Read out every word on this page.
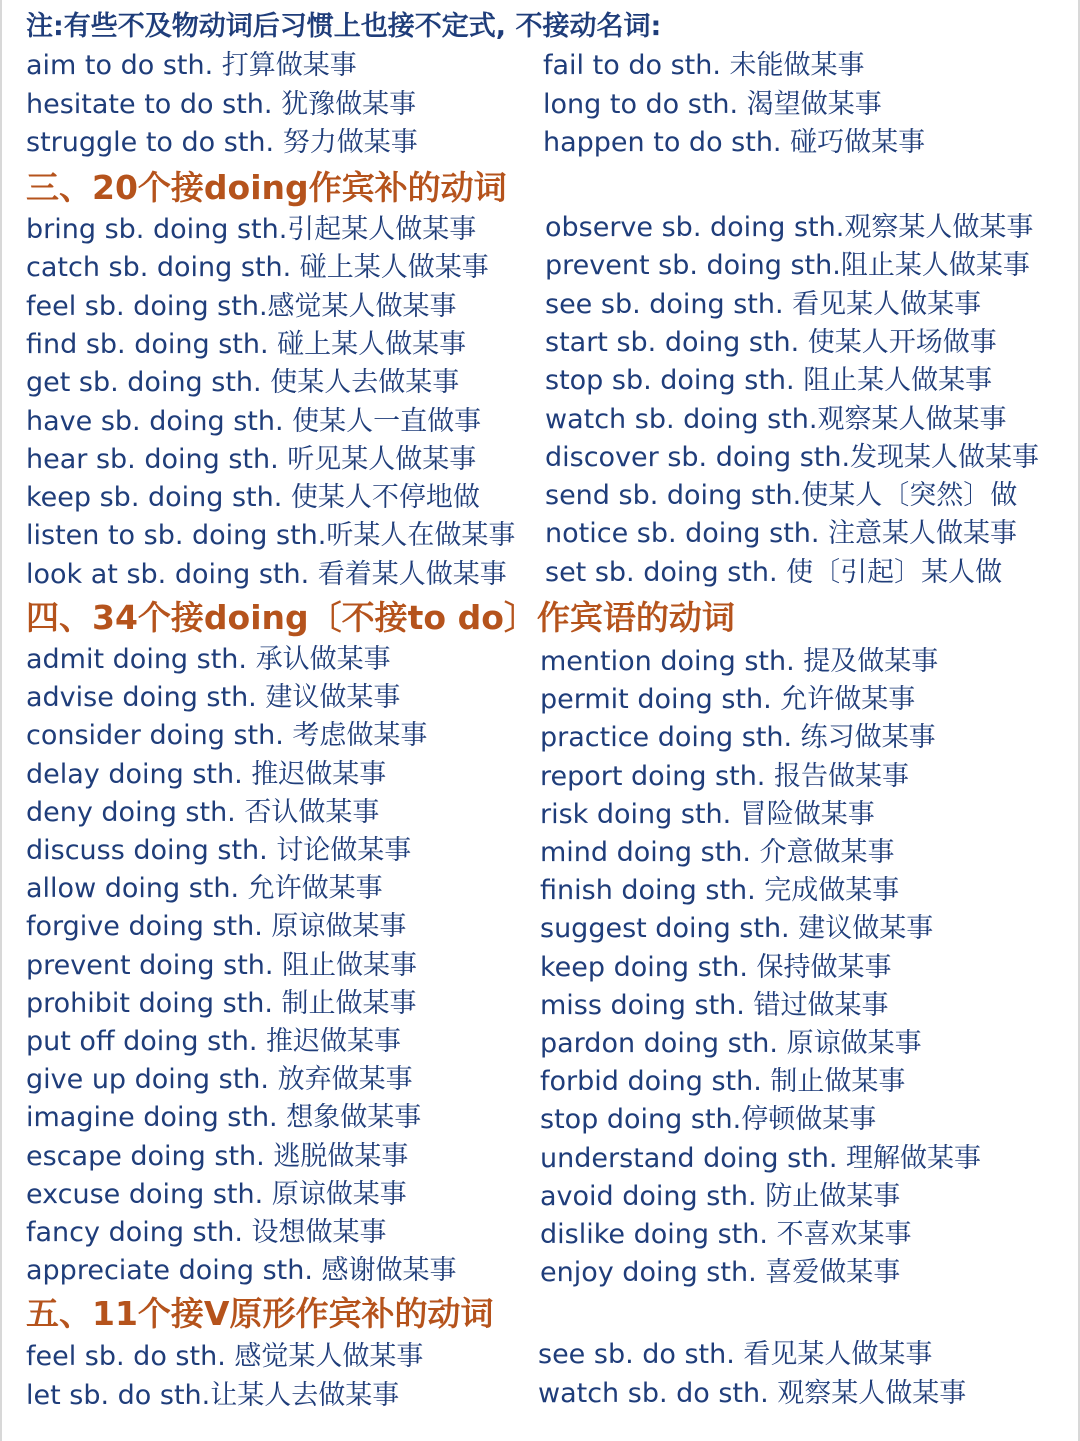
注:有些不及物动词后习惯上也接不定式, 不接动名词:
aim to do sth. 打算做某事
hesitate to do sth. 犹豫做某事
struggle to do sth. 努力做某事
fail to do sth. 未能做某事
long to do sth. 渴望做某事
happen to do sth. 碰巧做某事
三、20个接doing作宾补的动词
bring sb. doing sth.引起某人做某事
catch sb. doing sth. 碰上某人做某事
feel sb. doing sth.感觉某人做某事
find sb. doing sth. 碰上某人做某事
get sb. doing sth. 使某人去做某事
have sb. doing sth. 使某人一直做事
hear sb. doing sth. 听见某人做某事
keep sb. doing sth. 使某人不停地做
listen to sb. doing sth.听某人在做某事
look at sb. doing sth. 看着某人做某事
observe sb. doing sth.观察某人做某事
prevent sb. doing sth.阻止某人做某事
see sb. doing sth. 看见某人做某事
start sb. doing sth. 使某人开场做事
stop sb. doing sth. 阻止某人做某事
watch sb. doing sth.观察某人做某事
discover sb. doing sth.发现某人做某事
send sb. doing sth.使某人〔突然〕做
notice sb. doing sth. 注意某人做某事
set sb. doing sth. 使〔引起〕某人做
四、34个接doing〔不接to do〕作宾语的动词
admit doing sth. 承认做某事
advise doing sth. 建议做某事
consider doing sth. 考虑做某事
delay doing sth. 推迟做某事
deny doing sth. 否认做某事
discuss doing sth. 讨论做某事
allow doing sth. 允许做某事
forgive doing sth. 原谅做某事
prevent doing sth. 阻止做某事
prohibit doing sth. 制止做某事
put off doing sth. 推迟做某事
give up doing sth. 放弃做某事
imagine doing sth. 想象做某事
escape doing sth. 逃脱做某事
excuse doing sth. 原谅做某事
fancy doing sth. 设想做某事
appreciate doing sth. 感谢做某事
mention doing sth. 提及做某事
permit doing sth. 允许做某事
practice doing sth. 练习做某事
report doing sth. 报告做某事
risk doing sth. 冒险做某事
mind doing sth. 介意做某事
finish doing sth. 完成做某事
suggest doing sth. 建议做某事
keep doing sth. 保持做某事
miss doing sth. 错过做某事
pardon doing sth. 原谅做某事
forbid doing sth. 制止做某事
stop doing sth.停顿做某事
understand doing sth. 理解做某事
avoid doing sth. 防止做某事
dislike doing sth. 不喜欢某事
enjoy doing sth. 喜爱做某事
五、11个接V原形作宾补的动词
feel sb. do sth. 感觉某人做某事
let sb. do sth.让某人去做某事
see sb. do sth. 看见某人做某事
watch sb. do sth. 观察某人做某事
